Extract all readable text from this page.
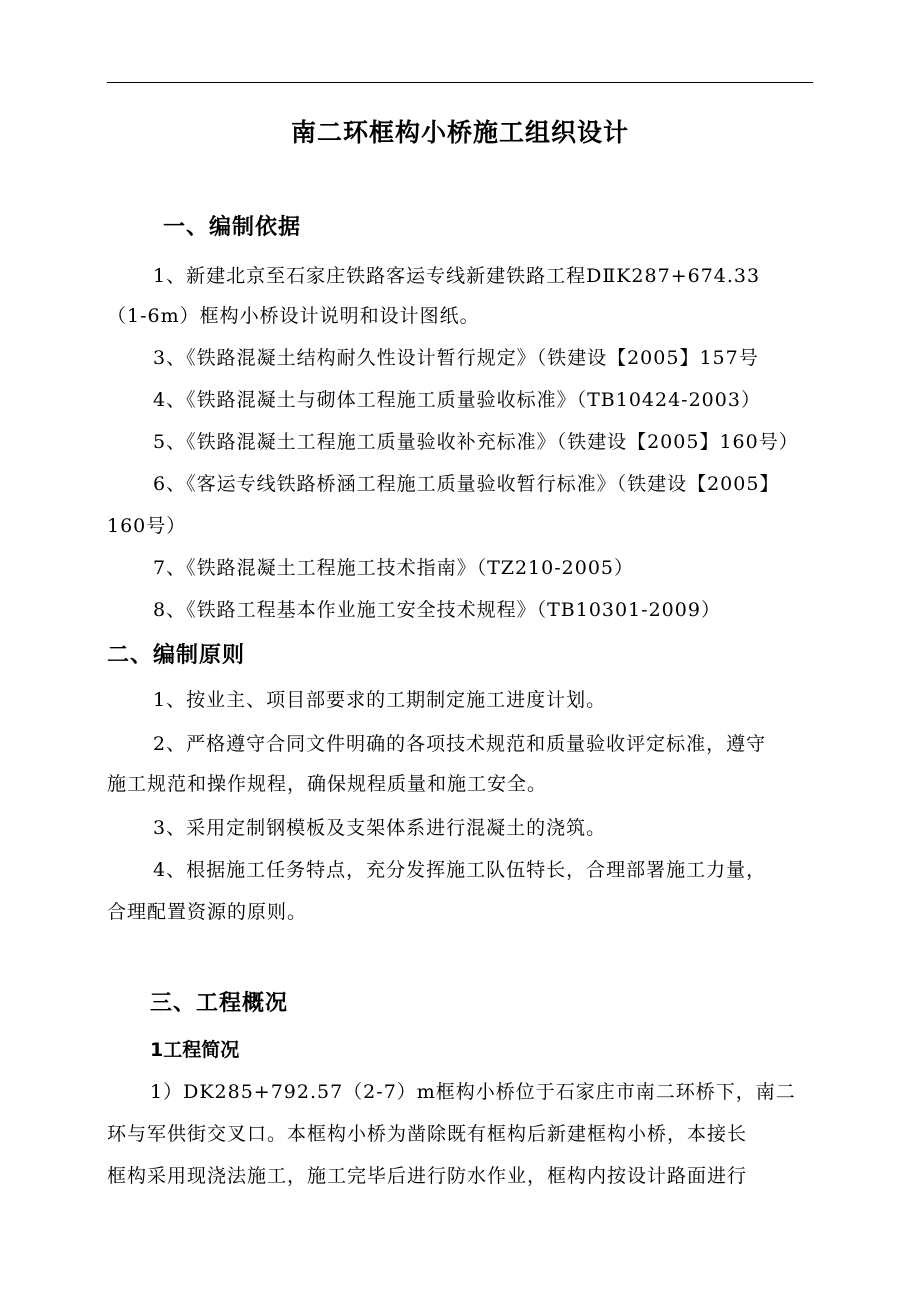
南二环框构小桥施工组织设计
一、编制依据
1、新建北京至石家庄铁路客运专线新建铁路工程DⅡK287+674.33
（1-6m）框构小桥设计说明和设计图纸。
3、《铁路混凝土结构耐久性设计暂行规定》（铁建设【2005】157号
4、《铁路混凝土与砌体工程施工质量验收标准》（TB10424-2003）
5、《铁路混凝土工程施工质量验收补充标准》（铁建设【2005】160号）
6、《客运专线铁路桥涵工程施工质量验收暂行标准》（铁建设【2005】
160号）
7、《铁路混凝土工程施工技术指南》（TZ210-2005）
8、《铁路工程基本作业施工安全技术规程》（TB10301-2009）
二、编制原则
1、按业主、项目部要求的工期制定施工进度计划。
2、严格遵守合同文件明确的各项技术规范和质量验收评定标准，遵守
施工规范和操作规程，确保规程质量和施工安全。
3、采用定制钢模板及支架体系进行混凝土的浇筑。
4、根据施工任务特点，充分发挥施工队伍特长，合理部署施工力量，
合理配置资源的原则。
三、工程概况
1工程简况
1）DK285+792.57（2-7）m框构小桥位于石家庄市南二环桥下，南二
环与军供街交叉口。本框构小桥为凿除既有框构后新建框构小桥，本接长
框构采用现浇法施工，施工完毕后进行防水作业，框构内按设计路面进行
